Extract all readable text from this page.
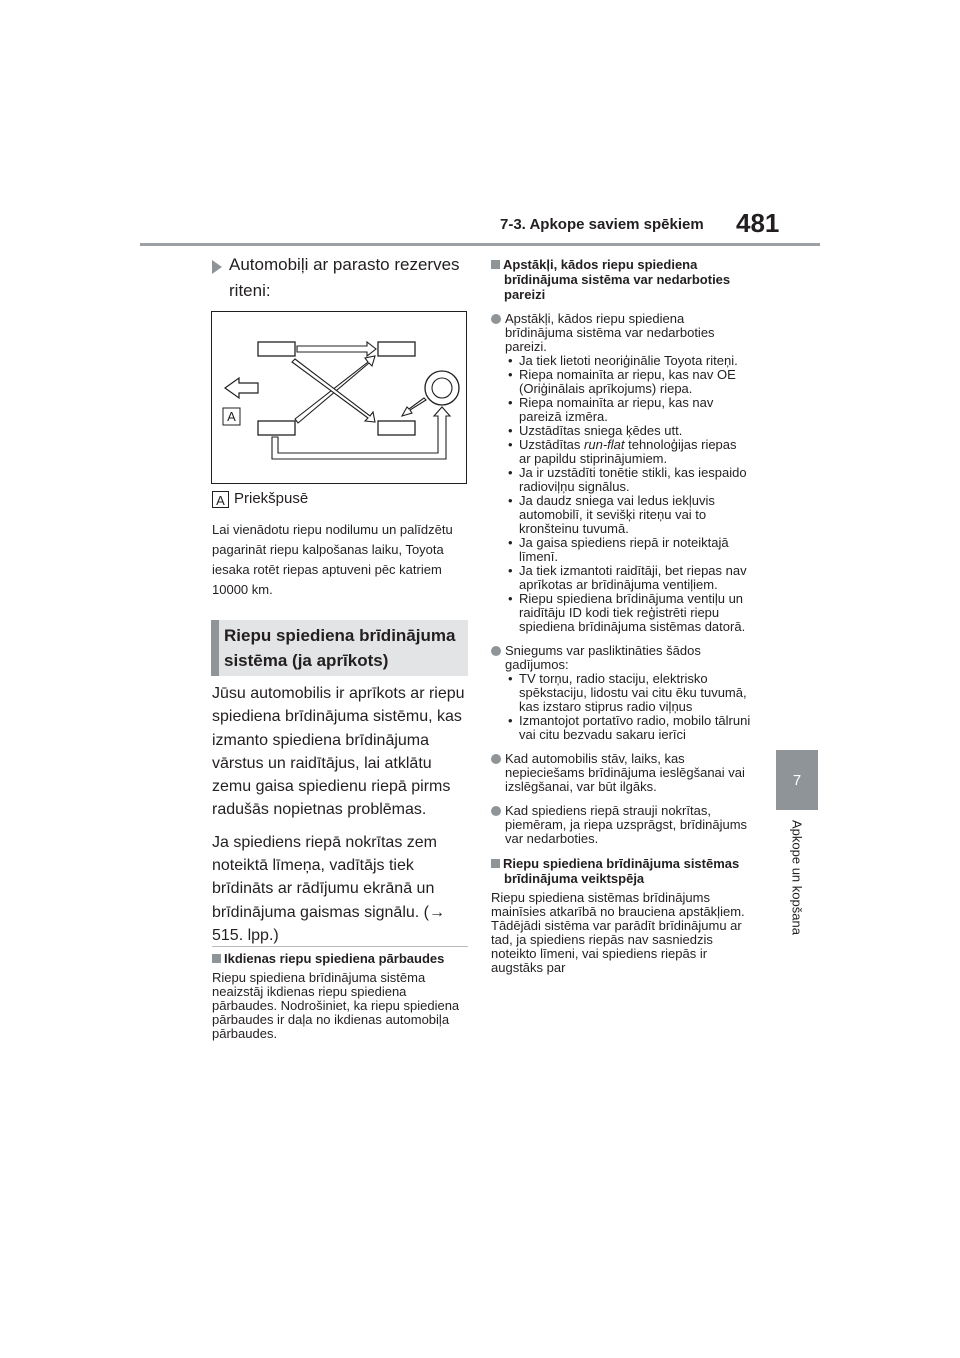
7-3. Apkope saviem spēkiem 481
7
Apkope un kopšana
Automobiļi ar parasto rezerves riteni:
A
A Priekšpusē
Lai vienādotu riepu nodilumu un palīdzētu pagarināt riepu kalpošanas laiku, Toyota iesaka rotēt riepas aptuveni pēc katriem 10000 km.
Riepu spiediena brīdinājuma sistēma (ja aprīkots)

Jūsu automobilis ir aprīkots ar riepu spiediena brīdinājuma sistēmu, kas izmanto spiediena brīdinājuma vārstus un raidītājus, lai atklātu zemu gaisa spiedienu riepā pirms radušās nopietnas problēmas.

Ja spiediens riepā nokrītas zem noteiktā līmeņa, vadītājs tiek brīdināts ar rādījumu ekrānā un brīdinājuma gaismas signālu. (→ 515. lpp.)

Ikdienas riepu spiediena pārbaudes
Riepu spiediena brīdinājuma sistēma neaizstāj ikdienas riepu spiediena pārbaudes. Nodrošiniet, ka riepu spiediena pārbaudes ir daļa no ikdienas automobiļa pārbaudes.
Apstākļi, kādos riepu spiediena brīdinājuma sistēma var nedarboties pareizi
Apstākļi, kādos riepu spiediena brīdinājuma sistēma var nedarboties pareizi.
• Ja tiek lietoti neoriģinālie Toyota riteņi.
• Riepa nomainīta ar riepu, kas nav OE (Oriģinālais aprīkojums) riepa.
• Riepa nomainīta ar riepu, kas nav pareizā izmēra.
• Uzstādītas sniega ķēdes utt.
• Uzstādītas run-flat tehnoloģijas riepas ar papildu stiprinājumiem.
• Ja ir uzstādīti tonētie stikli, kas iespaido radioviļņu signālus.
• Ja daudz sniega vai ledus iekļuvis automobilī, it sevišķi riteņu vai to kronšteinu tuvumā.
• Ja gaisa spiediens riepā ir noteiktajā līmenī.
• Ja tiek izmantoti raidītāji, bet riepas nav aprīkotas ar brīdinājuma ventiļiem.
• Riepu spiediena brīdinājuma ventiļu un raidītāju ID kodi tiek reģistrēti riepu spiediena brīdinājuma sistēmas datorā.
Sniegums var pasliktināties šādos gadījumos:
• TV torņu, radio staciju, elektrisko spēkstaciju, lidostu vai citu ēku tuvumā, kas izstaro stiprus radio viļņus
• Izmantojot portatīvo radio, mobilo tālruni vai citu bezvadu sakaru ierīci
Kad automobilis stāv, laiks, kas nepieciešams brīdinājuma ieslēgšanai vai izslēgšanai, var būt ilgāks.
Kad spiediens riepā strauji nokrītas, piemēram, ja riepa uzsprāgst, brīdinājums var nedarboties.
Riepu spiediena brīdinājuma sistēmas brīdinājuma veiktspēja
Riepu spiediena sistēmas brīdinājums mainīsies atkarībā no brauciena apstākļiem. Tādējādi sistēma var parādīt brīdinājumu ar tad, ja spiediens riepās nav sasniedzis noteikto līmeni, vai spiediens riepās ir augstāks par
